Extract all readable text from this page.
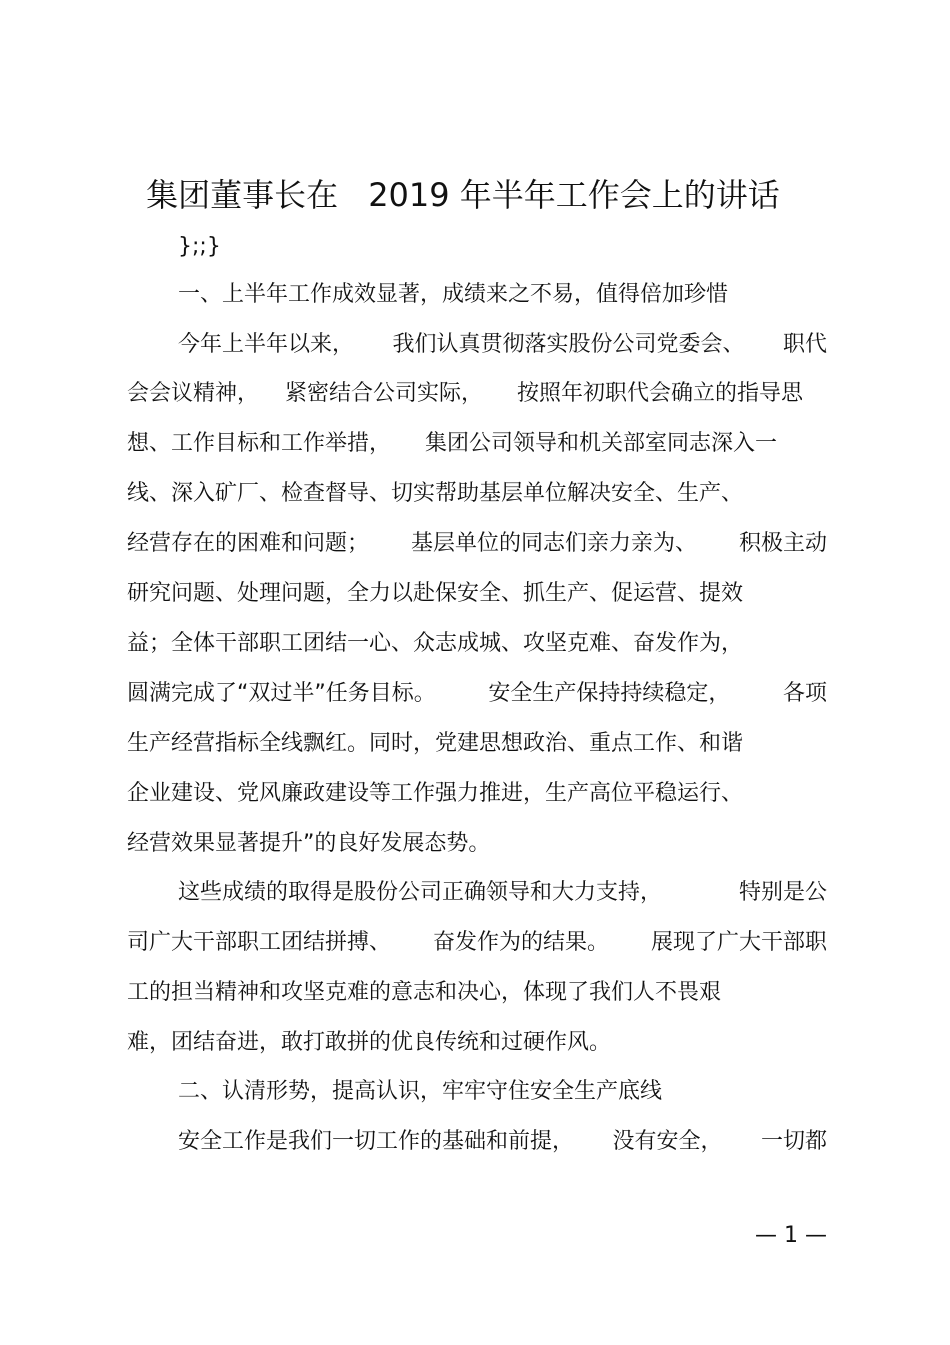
集团董事长在 2019 年半年工作会上的讲话
};;}
一、上半年工作成效显著，成绩来之不易，值得倍加珍惜
今年上半年以来， 我们认真贯彻落实股份公司党委会、 职代
会会议精神， 紧密结合公司实际， 按照年初职代会确立的指导思
想、工作目标和工作举措， 集团公司领导和机关部室同志深入一
线、深入矿厂、检查督导、切实帮助基层单位解决安全、生产、
经营存在的困难和问题； 基层单位的同志们亲力亲为、 积极主动
研究问题、处理问题，全力以赴保安全、抓生产、促运营、提效
益；全体干部职工团结一心、众志成城、攻坚克难、奋发作为，
圆满完成了“双过半”任务目标。 安全生产保持持续稳定， 各项
生产经营指标全线飘红。同时，党建思想政治、重点工作、和谐
企业建设、党风廉政建设等工作强力推进，生产高位平稳运行、
经营效果显著提升”的良好发展态势。
这些成绩的取得是股份公司正确领导和大力支持，	特别是公
司广大干部职工团结拼搏、 奋发作为的结果。 展现了广大干部职
工的担当精神和攻坚克难的意志和决心，体现了我们人不畏艰
难，团结奋进，敢打敢拼的优良传统和过硬作风。
二、认清形势，提高认识，牢牢守住安全生产底线
安全工作是我们一切工作的基础和前提， 没有安全， 一切都
— 1 —
